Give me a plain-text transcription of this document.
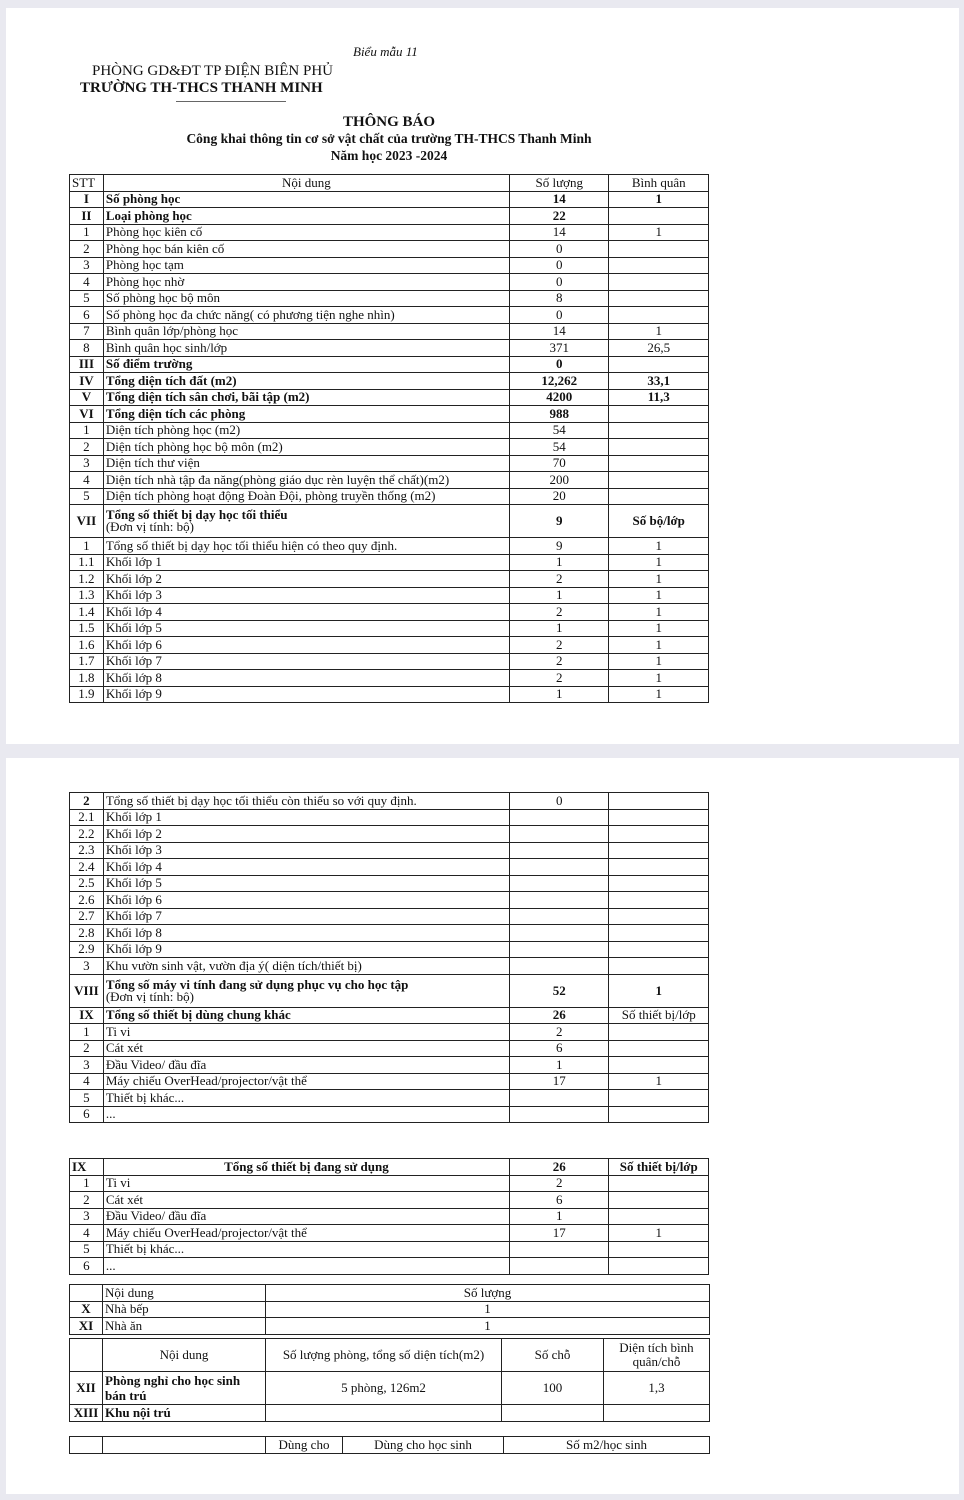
Biểu mẫu 11
PHÒNG GD&ĐT TP ĐIỆN BIÊN PHỦ
TRƯỜNG TH-THCS THANH MINH
THÔNG BÁO
Công khai thông tin cơ sở vật chất của trường TH-THCS Thanh Minh
Năm học 2023 -2024
STT	Nội dung	Số lượng	Bình quân
I	Số phòng học	14	1
II	Loại phòng học	22	
1	Phòng học kiên cố	14	1
2	Phòng học bán kiên cố	0	
3	Phòng học tạm	0	
4	Phòng học nhờ	0	
5	Số phòng học bộ môn	8	
6	Số phòng học đa chức năng( có phương tiện nghe nhìn)	0	
7	Bình quân lớp/phòng học	14	1
8	Bình quân học sinh/lớp	371	26,5
III	Số điểm trường	0	
IV	Tổng diện tích đất (m2)	12,262	33,1
V	Tổng diện tích sân chơi, bãi tập (m2)	4200	11,3
VI	Tổng diện tích các phòng	988	
1	Diện tích phòng học (m2)	54	
2	Diện tích phòng học bộ môn (m2)	54	
3	Diện tích thư viện	70	
4	Diện tích nhà tập đa năng(phòng giáo dục rèn luyện thể chất)(m2)	200	
5	Diện tích phòng hoạt động Đoàn Đội, phòng truyền thống (m2)	20	
VII	Tổng số thiết bị dạy học tối thiểu
(Đơn vị tính: bộ)	9	Số bộ/lớp
1	Tổng số thiết bị dạy học tối thiểu hiện có theo quy định.	9	1
1.1	Khối lớp 1	1	1
1.2	Khối lớp 2	2	1
1.3	Khối lớp 3	1	1
1.4	Khối lớp 4	2	1
1.5	Khối lớp 5	1	1
1.6	Khối lớp 6	2	1
1.7	Khối lớp 7	2	1
1.8	Khối lớp 8	2	1
1.9	Khối lớp 9	1	1
2	Tổng số thiết bị dạy học tối thiểu còn thiếu so với quy định.	0	
2.1	Khối lớp 1		
2.2	Khối lớp 2		
2.3	Khối lớp 3		
2.4	Khối lớp 4		
2.5	Khối lớp 5		
2.6	Khối lớp 6		
2.7	Khối lớp 7		
2.8	Khối lớp 8		
2.9	Khối lớp 9		
3	Khu vườn sinh vật, vườn địa ý( diện tích/thiết bị)		
VIII	Tổng số máy vi tính đang sử dụng phục vụ cho học tập
(Đơn vị tính: bộ)	52	1
IX	Tổng số thiết bị dùng chung khác	26	Số thiết bị/lớp
1	Ti vi	2	
2	Cát xét	6	
3	Đầu Video/ đầu đĩa	1	
4	Máy chiếu OverHead/projector/vật thể	17	1
5	Thiết bị khác...		
6	...		
IX	Tổng số thiết bị đang sử dụng	26	Số thiết bị/lớp
1	Ti vi	2	
2	Cát xét	6	
3	Đầu Video/ đầu đĩa	1	
4	Máy chiếu OverHead/projector/vật thể	17	1
5	Thiết bị khác...		
6	...		
	Nội dung	Số lượng
X	Nhà bếp	1
XI	Nhà ăn	1
	Nội dung	Số lượng phòng, tổng số diện tích(m2)	Số chỗ	Diện tích bình quân/chỗ
XII	Phòng nghỉ cho học sinh bán trú	5 phòng, 126m2	100	1,3
XIII	Khu nội trú			
		Dùng cho	Dùng cho học sinh	Số m2/học sinh
